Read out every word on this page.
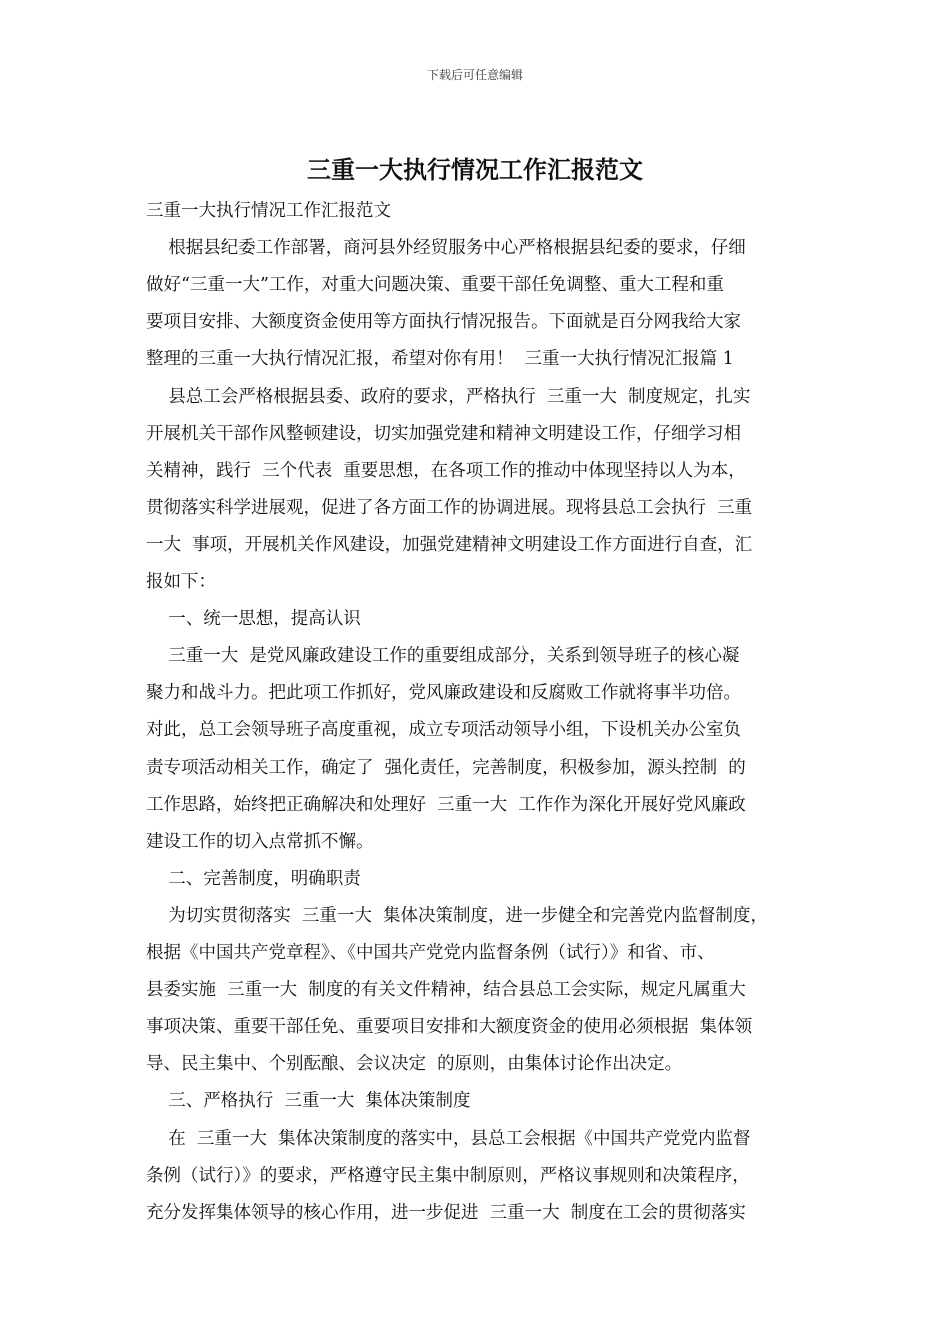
下载后可任意编辑
三重一大执行情况工作汇报范文
三重一大执行情况工作汇报范文
根据县纪委工作部署，商河县外经贸服务中心严格根据县纪委的要求，仔细
做好“三重一大”工作，对重大问题决策、重要干部任免调整、重大工程和重
要项目安排、大额度资金使用等方面执行情况报告。下面就是百分网我给大家
整理的三重一大执行情况汇报，希望对你有用！  三重一大执行情况汇报篇 1
县总工会严格根据县委、政府的要求，严格执行  三重一大  制度规定，扎实
开展机关干部作风整顿建设，切实加强党建和精神文明建设工作，仔细学习相
关精神，践行  三个代表  重要思想，在各项工作的推动中体现坚持以人为本，
贯彻落实科学进展观，促进了各方面工作的协调进展。现将县总工会执行  三重
一大  事项，开展机关作风建设，加强党建精神文明建设工作方面进行自查，汇
报如下：
一、统一思想，提高认识
三重一大  是党风廉政建设工作的重要组成部分，关系到领导班子的核心凝
聚力和战斗力。把此项工作抓好，党风廉政建设和反腐败工作就将事半功倍。
对此，总工会领导班子高度重视，成立专项活动领导小组，下设机关办公室负
责专项活动相关工作，确定了  强化责任，完善制度，积极参加，源头控制  的
工作思路，始终把正确解决和处理好  三重一大  工作作为深化开展好党风廉政
建设工作的切入点常抓不懈。
二、完善制度，明确职责
为切实贯彻落实  三重一大  集体决策制度，进一步健全和完善党内监督制度，
根据《中国共产党章程》、《中国共产党党内监督条例（试行）》和省、市、
县委实施  三重一大  制度的有关文件精神，结合县总工会实际，规定凡属重大
事项决策、重要干部任免、重要项目安排和大额度资金的使用必须根据  集体领
导、民主集中、个别酝酿、会议决定  的原则，由集体讨论作出决定。
三、严格执行  三重一大  集体决策制度
在  三重一大  集体决策制度的落实中，县总工会根据《中国共产党党内监督
条例（试行）》的要求，严格遵守民主集中制原则，严格议事规则和决策程序，
充分发挥集体领导的核心作用，进一步促进  三重一大  制度在工会的贯彻落实
